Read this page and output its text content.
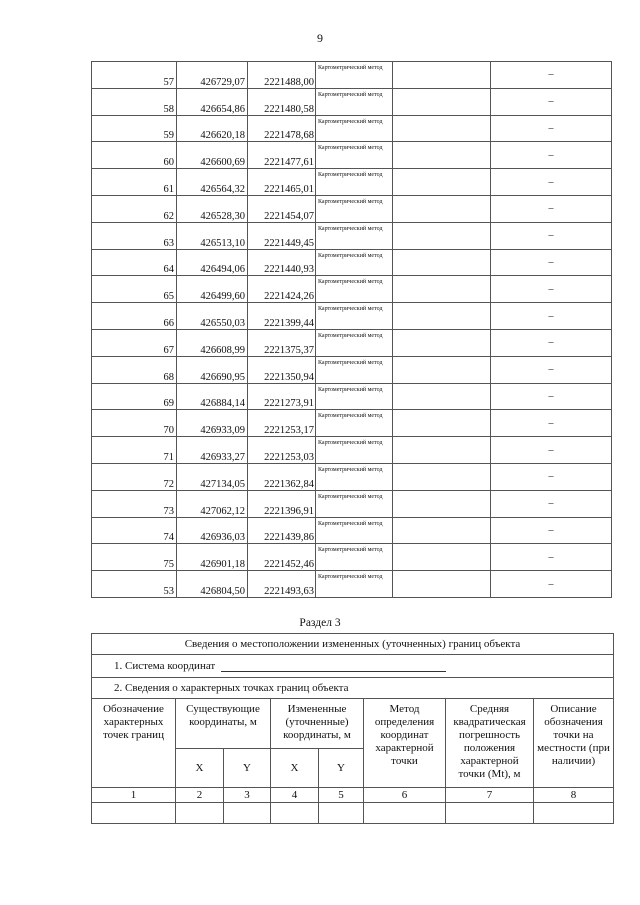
9
57	426729,07	2221488,00	Картометрический метод		–
58	426654,86	2221480,58	Картометрический метод		–
59	426620,18	2221478,68	Картометрический метод		–
60	426600,69	2221477,61	Картометрический метод		–
61	426564,32	2221465,01	Картометрический метод		–
62	426528,30	2221454,07	Картометрический метод		–
63	426513,10	2221449,45	Картометрический метод		–
64	426494,06	2221440,93	Картометрический метод		–
65	426499,60	2221424,26	Картометрический метод		–
66	426550,03	2221399,44	Картометрический метод		–
67	426608,99	2221375,37	Картометрический метод		–
68	426690,95	2221350,94	Картометрический метод		–
69	426884,14	2221273,91	Картометрический метод		–
70	426933,09	2221253,17	Картометрический метод		–
71	426933,27	2221253,03	Картометрический метод		–
72	427134,05	2221362,84	Картометрический метод		–
73	427062,12	2221396,91	Картометрический метод		–
74	426936,03	2221439,86	Картометрический метод		–
75	426901,18	2221452,46	Картометрический метод		–
53	426804,50	2221493,63	Картометрический метод		–
Раздел 3
Сведения о местоположении измененных (уточненных) границ объекта							
1. Система координат							
2. Сведения о характерных точках границ объекта							
Обозначение характерных точек границ	Существующие координаты, м		Измененные (уточненные) координаты, м		Метод определения координат характерной точки	Средняя квадратическая погрешность положения характерной точки (Mt), м	Описание обозначения точки на местности (при наличии)
	X	Y	X	Y			
1	2	3	4	5	6	7	8
